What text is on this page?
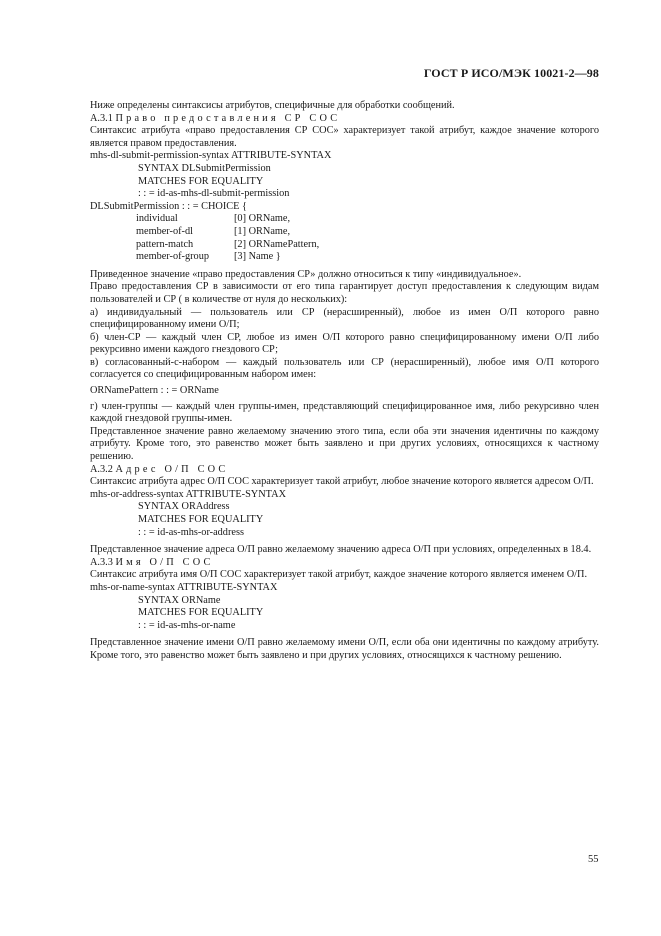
ГОСТ Р ИСО/МЭК 10021-2—98

Ниже определены синтаксисы атрибутов, специфичные для обработки сообщений.

A.3.1 Право предоставления СР СОС

Синтаксис атрибута «право предоставления СР СОС» характеризует такой атрибут, каждое значение которого является правом предоставления.

mhs-dl-submit-permission-syntax ATTRIBUTE-SYNTAX
SYNTAX DLSubmitPermission
MATCHES FOR EQUALITY
: : = id-as-mhs-dl-submit-permission
DLSubmitPermission : : = CHOICE {
individual	[0] ORName,
member-of-dl	[1] ORName,
pattern-match	[2] ORNamePattern,
member-of-group	[3] Name }

Приведенное значение «право предоставления СР» должно относиться к типу «индивидуальное».

Право предоставления СР в зависимости от его типа гарантирует доступ предоставления к следующим видам пользователей и СР ( в количестве от нуля до нескольких):

а) индивидуальный — пользователь или СР (нерасширенный), любое из имен О/П которого равно специфицированному имени О/П;

б) член-СР — каждый член СР, любое из имен О/П которого равно специфицированному имени О/П либо рекурсивно имени каждого гнездового СР;

в) согласованный-с-набором — каждый пользователь или СР (нерасширенный), любое имя О/П которого согласуется со специфицированным набором имен:

ORNamePattern : : = ORName

г) член-группы — каждый член группы-имен, представляющий специфицированное имя, либо рекурсивно член каждой гнездовой группы-имен.

Представленное значение равно желаемому значению этого типа, если оба эти значения идентичны по каждому атрибуту. Кроме того, это равенство может быть заявлено и при других условиях, относящихся к частному решению.

A.3.2 Адрес О/П СОС

Синтаксис атрибута адрес О/П СОС характеризует такой атрибут, любое значение которого является адресом О/П.

mhs-or-address-syntax ATTRIBUTE-SYNTAX
SYNTAX ORAddress
MATCHES FOR EQUALITY
: : = id-as-mhs-or-address

Представленное значение адреса О/П равно желаемому значению адреса О/П при условиях, определенных в 18.4.

A.3.3 Имя О/П СОС

Синтаксис атрибута имя О/П СОС характеризует такой атрибут, каждое значение которого является именем О/П.

mhs-or-name-syntax ATTRIBUTE-SYNTAX
SYNTAX ORName
MATCHES FOR EQUALITY
: : = id-as-mhs-or-name

Представленное значение имени О/П равно желаемому имени О/П, если оба они идентичны по каждому атрибуту. Кроме того, это равенство может быть заявлено и при других условиях, относящихся к частному решению.

55
